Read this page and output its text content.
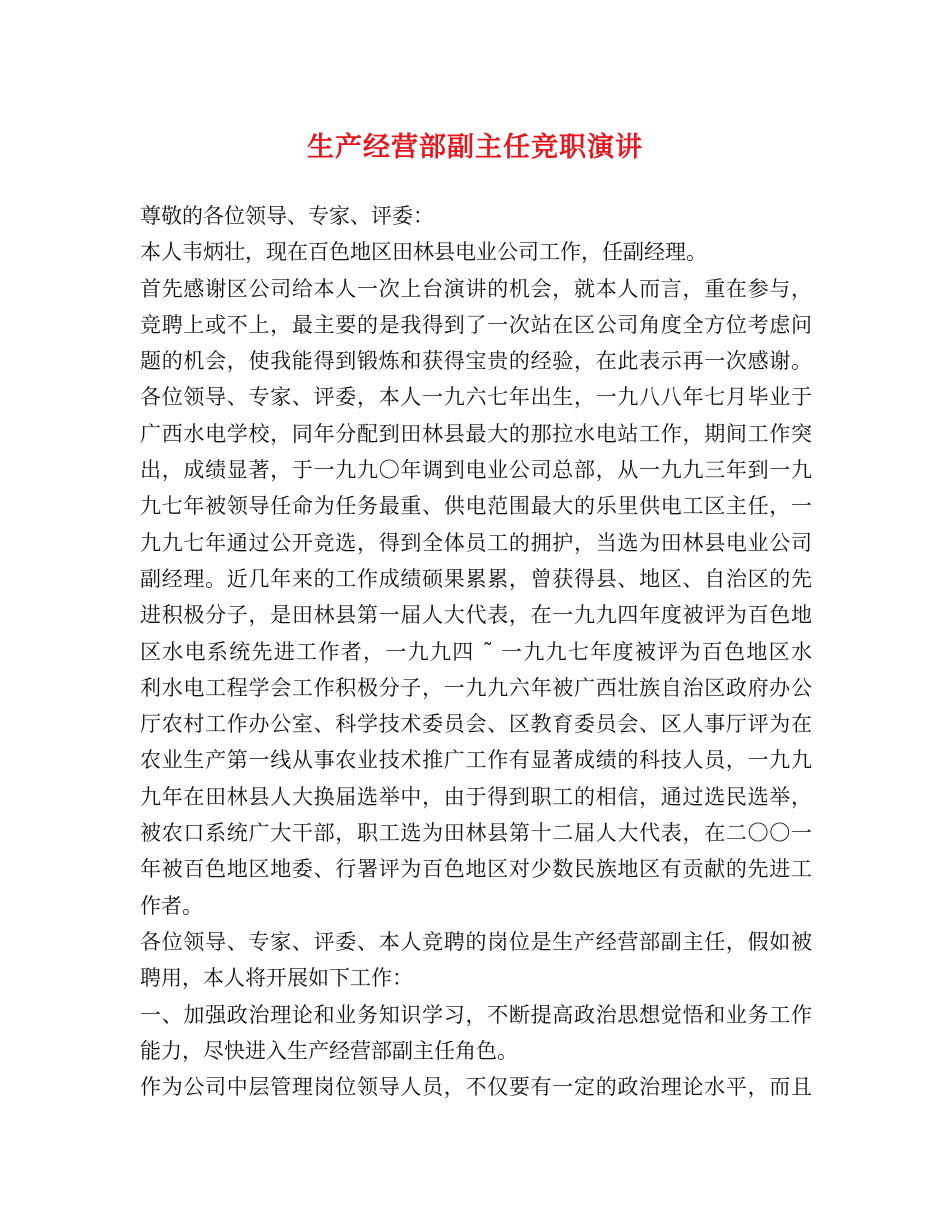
生产经营部副主任竞职演讲
尊敬的各位领导、专家、评委：
本人韦炳壮，现在百色地区田林县电业公司工作，任副经理。
首先感谢区公司给本人一次上台演讲的机会，就本人而言，重在参与，
竞聘上或不上，最主要的是我得到了一次站在区公司角度全方位考虑问
题的机会，使我能得到锻炼和获得宝贵的经验，在此表示再一次感谢。
各位领导、专家、评委，本人一九六七年出生，一九八八年七月毕业于
广西水电学校，同年分配到田林县最大的那拉水电站工作，期间工作突
出，成绩显著，于一九九〇年调到电业公司总部，从一九九三年到一九
九七年被领导任命为任务最重、供电范围最大的乐里供电工区主任，一
九九七年通过公开竞选，得到全体员工的拥护，当选为田林县电业公司
副经理。近几年来的工作成绩硕果累累，曾获得县、地区、自治区的先
进积极分子，是田林县第一届人大代表，在一九九四年度被评为百色地
区水电系统先进工作者，一九九四 ˜ 一九九七年度被评为百色地区水
利水电工程学会工作积极分子，一九九六年被广西壮族自治区政府办公
厅农村工作办公室、科学技术委员会、区教育委员会、区人事厅评为在
农业生产第一线从事农业技术推广工作有显著成绩的科技人员，一九九
九年在田林县人大换届选举中，由于得到职工的相信，通过选民选举，
被农口系统广大干部，职工选为田林县第十二届人大代表，在二〇〇一
年被百色地区地委、行署评为百色地区对少数民族地区有贡献的先进工
作者。
各位领导、专家、评委、本人竞聘的岗位是生产经营部副主任，假如被
聘用，本人将开展如下工作：
一、加强政治理论和业务知识学习，不断提高政治思想觉悟和业务工作
能力，尽快进入生产经营部副主任角色。
作为公司中层管理岗位领导人员，不仅要有一定的政治理论水平，而且
